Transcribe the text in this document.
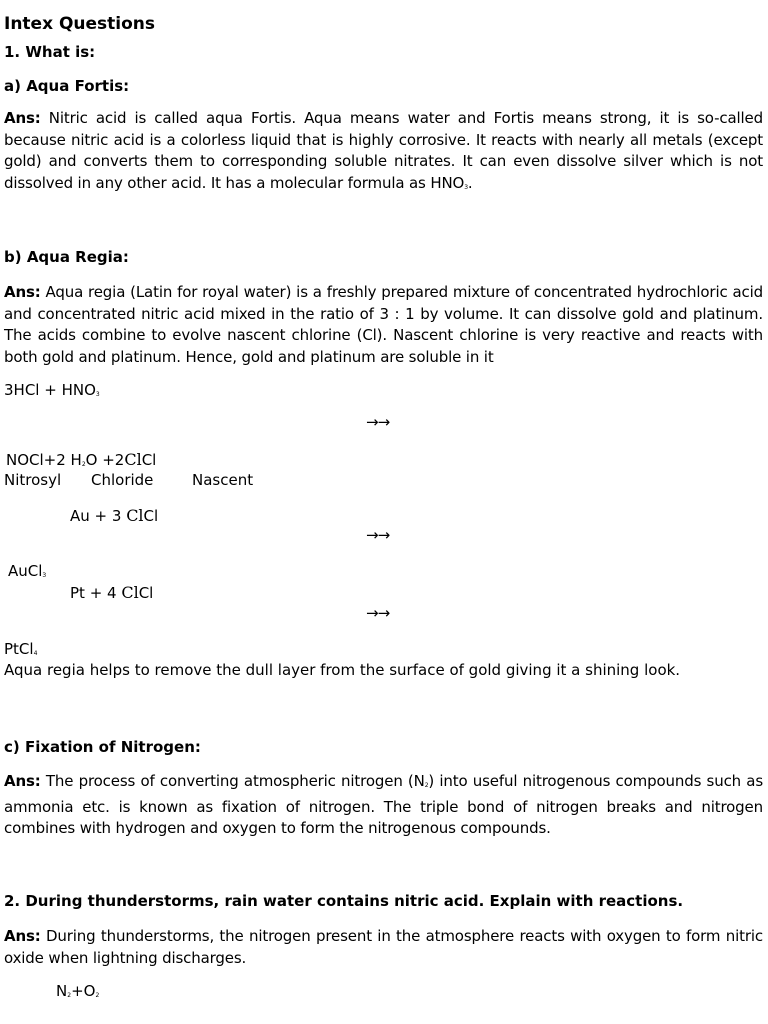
Intex Questions
1. What is:
a) Aqua Fortis:
Ans: Nitric acid is called aqua Fortis. Aqua means water and Fortis means strong, it is so-called because nitric acid is a colorless liquid that is highly corrosive. It reacts with nearly all metals (except gold) and converts them to corresponding soluble nitrates. It can even dissolve silver which is not dissolved in any other acid. It has a molecular formula as $HNO_3$.
b) Aqua Regia:
Ans: Aqua regia (Latin for royal water) is a freshly prepared mixture of concentrated hydrochloric acid and concentrated nitric acid mixed in the ratio of 3 : 1 by volume. It can dissolve gold and platinum. The acids combine to evolve nascent chlorine (Cl). Nascent chlorine is very reactive and reacts with both gold and platinum. Hence, gold and platinum are soluble in it
$3HCl + HNO_3$
→→
NOCl+2 $H_2O$ +2ClCl
Nitrosyl Chloride	Nascent
Au + 3 ClCl
→→
AuCl$_3$
Pt + 4 ClCl
→→
PtCl$_4$
Aqua regia helps to remove the dull layer from the surface of gold giving it a shining look.
c) Fixation of Nitrogen:
Ans: The process of converting atmospheric nitrogen $(N_2)$ into useful nitrogenous compounds such as ammonia etc. is known as fixation of nitrogen. The triple bond of nitrogen breaks and nitrogen combines with hydrogen and oxygen to form the nitrogenous compounds.
2. During thunderstorms, rain water contains nitric acid. Explain with reactions.
Ans: During thunderstorms, the nitrogen present in the atmosphere reacts with oxygen to form nitric oxide when lightning discharges.
$N_2+O_2$
